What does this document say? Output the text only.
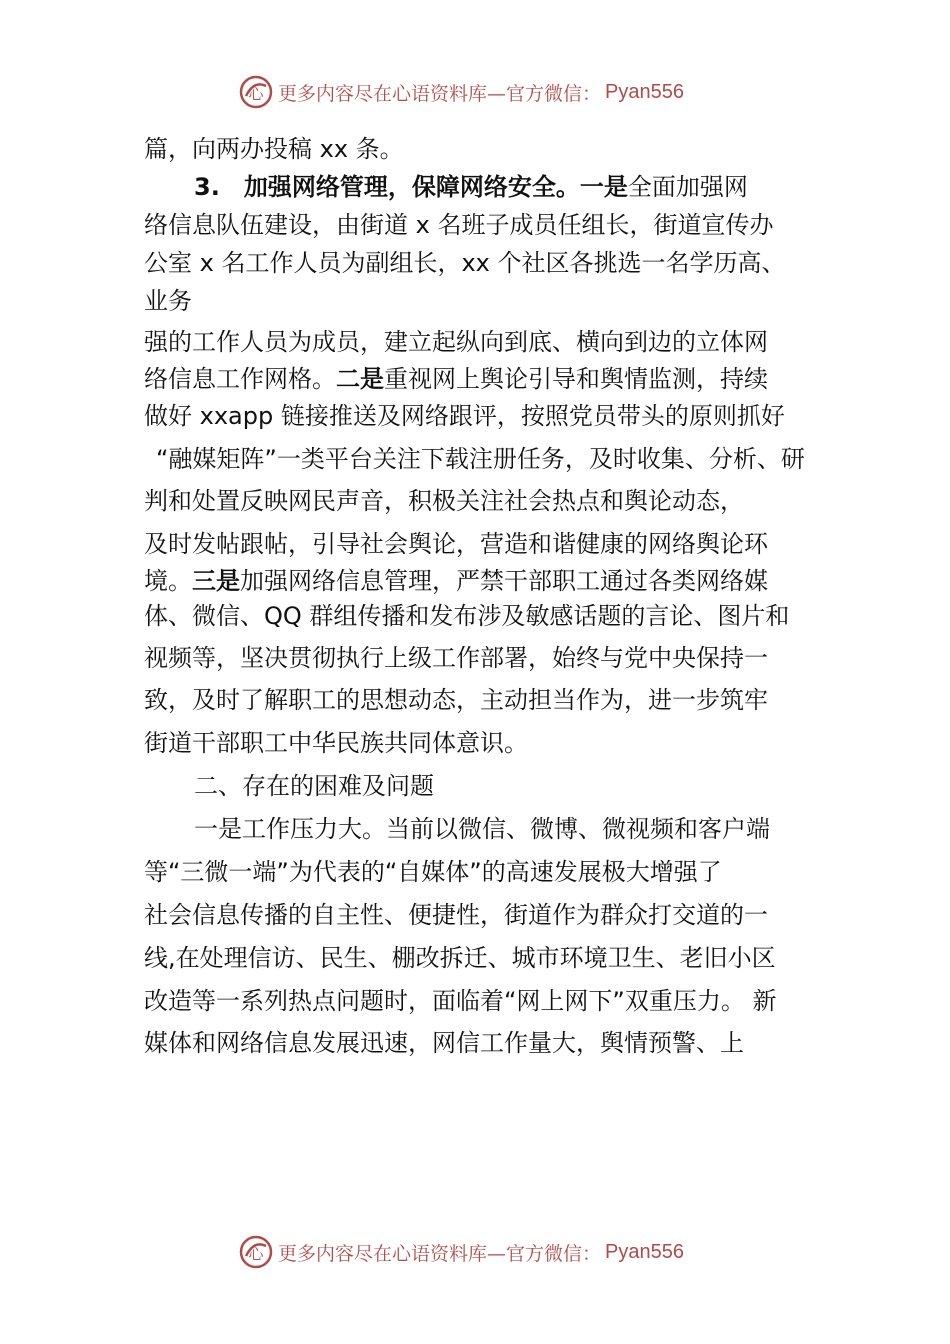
心 更多内容尽在心语资料库—官方微信： Pyan556
篇，向两办投稿 xx 条。
3.　加强网络管理，保障网络安全。一是全面加强网
络信息队伍建设，由街道 x 名班子成员任组长，街道宣传办
公室 x 名工作人员为副组长，xx 个社区各挑选一名学历高、
业务
强的工作人员为成员，建立起纵向到底、横向到边的立体网
络信息工作网格。二是重视网上舆论引导和舆情监测，持续
做好 xxapp 链接推送及网络跟评，按照党员带头的原则抓好
“融媒矩阵”一类平台关注下载注册任务，及时收集、分析、研
判和处置反映网民声音，积极关注社会热点和舆论动态，
及时发帖跟帖，引导社会舆论，营造和谐健康的网络舆论环
境。三是加强网络信息管理，严禁干部职工通过各类网络媒
体、微信、QQ 群组传播和发布涉及敏感话题的言论、图片和
视频等，坚决贯彻执行上级工作部署，始终与党中央保持一
致，及时了解职工的思想动态，主动担当作为，进一步筑牢
街道干部职工中华民族共同体意识。
二、存在的困难及问题
一是工作压力大。当前以微信、微博、微视频和客户端
等“三微一端”为代表的“自媒体”的高速发展极大增强了
社会信息传播的自主性、便捷性，街道作为群众打交道的一
线,在处理信访、民生、棚改拆迁、城市环境卫生、老旧小区
改造等一系列热点问题时，面临着“网上网下”双重压力。 新
媒体和网络信息发展迅速，网信工作量大，舆情预警、上
心 更多内容尽在心语资料库—官方微信： Pyan556
